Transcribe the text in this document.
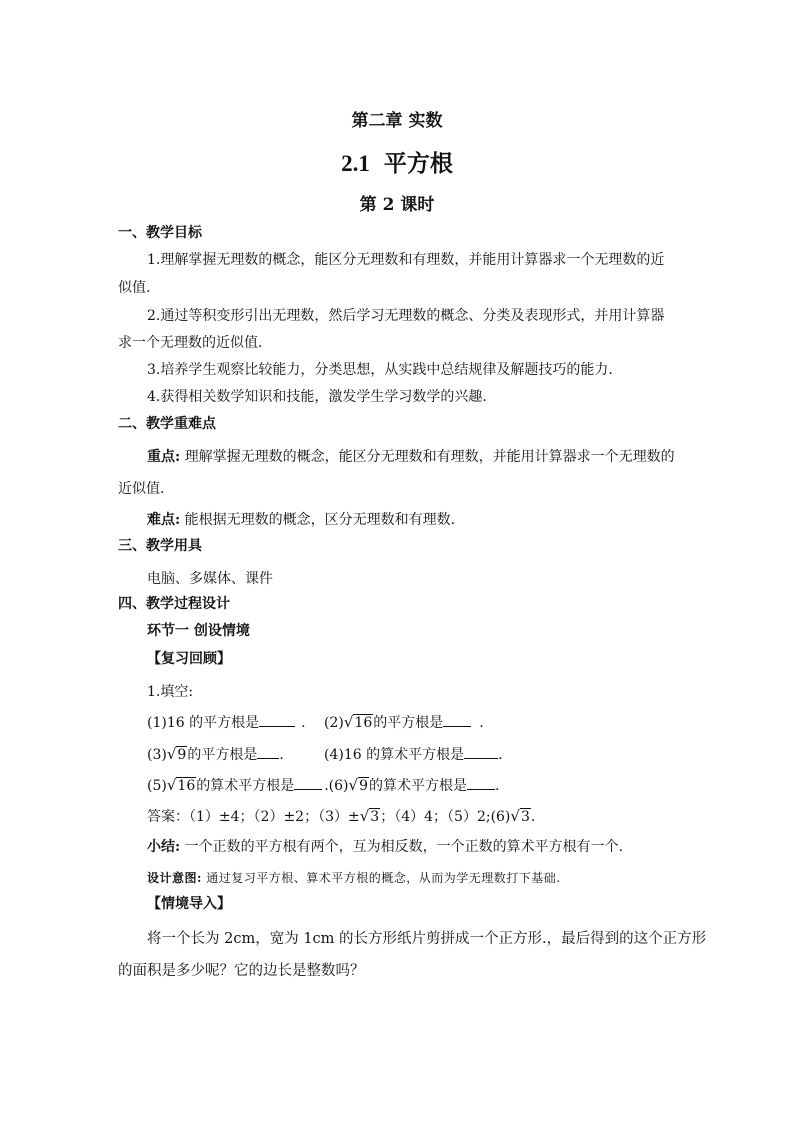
第二章 实数
2.1 平方根
第 2 课时
一、教学目标
1.理解掌握无理数的概念，能区分无理数和有理数，并能用计算器求一个无理数的近
似值.
2.通过等积变形引出无理数，然后学习无理数的概念、分类及表现形式，并用计算器
求一个无理数的近似值.
3.培养学生观察比较能力，分类思想，从实践中总结规律及解题技巧的能力.
4.获得相关数学知识和技能，激发学生学习数学的兴趣.
二、教学重难点
重点: 理解掌握无理数的概念，能区分无理数和有理数，并能用计算器求一个无理数的
近似值.
难点: 能根据无理数的概念，区分无理数和有理数.
三、教学用具
电脑、多媒体、课件
四、教学过程设计
环节一 创设情境
【复习回顾】
1.填空:
(1)16 的平方根是	. (2)√16的平方根是	.
(3)√9的平方根是 .	(4)16 的算术平方根是 .
(5)√16的算术平方根是 .(6)√9的算术平方根是 .
答案：（1）±4；（2）±2；（3）±√3；（4）4；（5）2;(6)√3.
小结: 一个正数的平方根有两个，互为相反数，一个正数的算术平方根有一个.
设计意图: 通过复习平方根、算术平方根的概念，从而为学无理数打下基础.
【情境导入】
将一个长为 2cm，宽为 1cm 的长方形纸片剪拼成一个正方形.，最后得到的这个正方形
的面积是多少呢？它的边长是整数吗？
